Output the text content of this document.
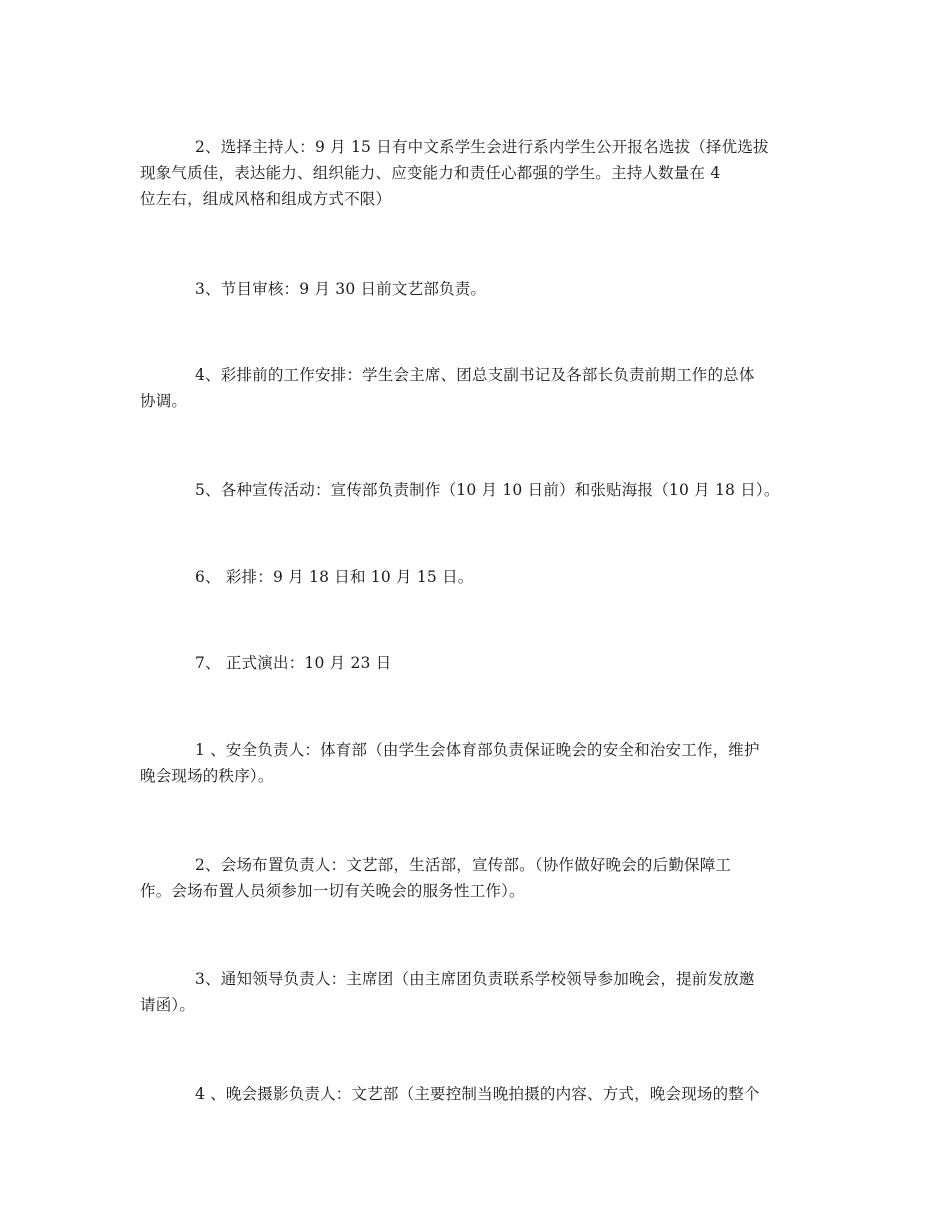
2、选择主持人：9 月 15 日有中文系学生会进行系内学生公开报名选拔（择优选拔
现象气质佳，表达能力、组织能力、应变能力和责任心都强的学生。主持人数量在 4
位左右，组成风格和组成方式不限）
3、节目审核：9 月 30 日前文艺部负责。
4、彩排前的工作安排：学生会主席、团总支副书记及各部长负责前期工作的总体
协调。
5、各种宣传活动：宣传部负责制作（10 月 10 日前）和张贴海报（10 月 18 日）。
6、 彩排：9 月 18 日和 10 月 15 日。
7、 正式演出：10 月 23 日
1 、安全负责人：体育部（由学生会体育部负责保证晚会的安全和治安工作，维护
晚会现场的秩序）。
2、会场布置负责人：文艺部，生活部，宣传部。（协作做好晚会的后勤保障工
作。会场布置人员须参加一切有关晚会的服务性工作）。
3、通知领导负责人：主席团（由主席团负责联系学校领导参加晚会，提前发放邀
请函）。
4 、晚会摄影负责人：文艺部（主要控制当晚拍摄的内容、方式，晚会现场的整个
